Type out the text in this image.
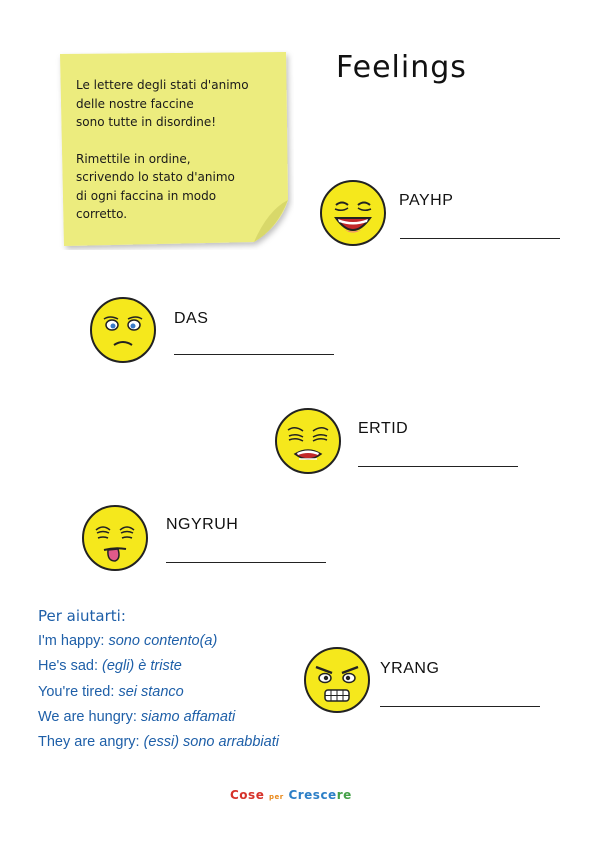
Feelings

Le lettere degli stati d'animo
delle nostre faccine
sono tutte in disordine!

Rimettile in ordine,
scrivendo lo stato d'animo
di ogni faccina in modo
corretto.

PAYHP
DAS
ERTID
NGYRUH
Per aiutarti:
I'm happy: sono contento(a)
He's sad: (egli) è triste
You're tired: sei stanco
We are hungry: siamo affamati
They are angry: (essi) sono arrabbiati
YRANG
Cose per Crescere
